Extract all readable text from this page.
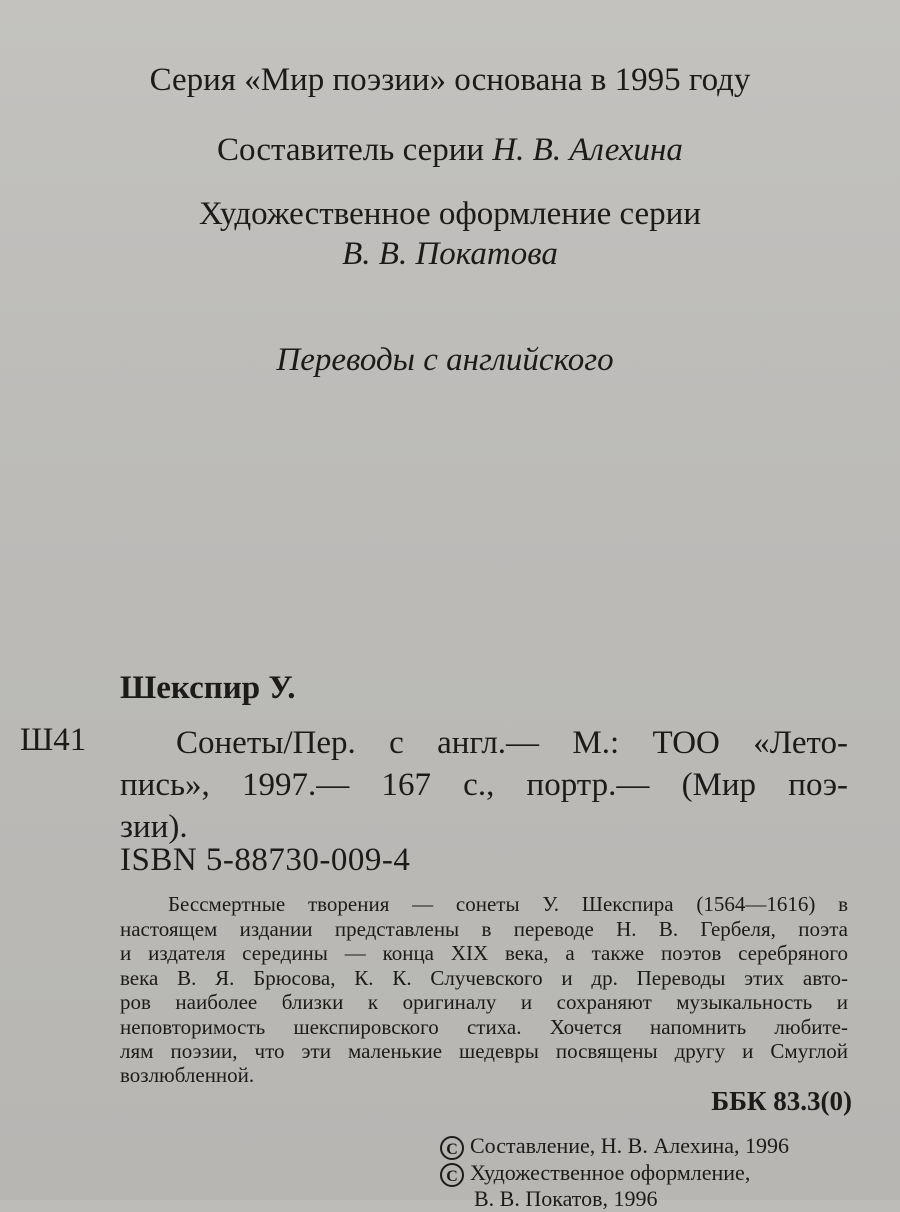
Серия «Мир поэзии» основана в 1995 году
Составитель серии Н. В. Алехина
Художественное оформление серии
В. В. Покатова
Переводы с английского
Шекспир У.
Ш41	Сонеты/Пер. с англ.— М.: ТОО «Лето-
пись», 1997.— 167 с., портр.— (Мир поэ-
зии).
ISBN 5-88730-009-4
Бессмертные творения — сонеты У. Шекспира (1564—1616) в
настоящем издании представлены в переводе Н. В. Гербеля, поэта
и издателя середины — конца XIX века, а также поэтов серебряного
века В. Я. Брюсова, К. К. Случевского и др. Переводы этих авто-
ров наиболее близки к оригиналу и сохраняют музыкальность и
неповторимость шекспировского стиха. Хочется напомнить любите-
лям поэзии, что эти маленькие шедевры посвящены другу и Смуглой
возлюбленной.
ББК 83.3(0)
C Составление, Н. В. Алехина, 1996
C Художественное оформление,
В. В. Покатов, 1996
